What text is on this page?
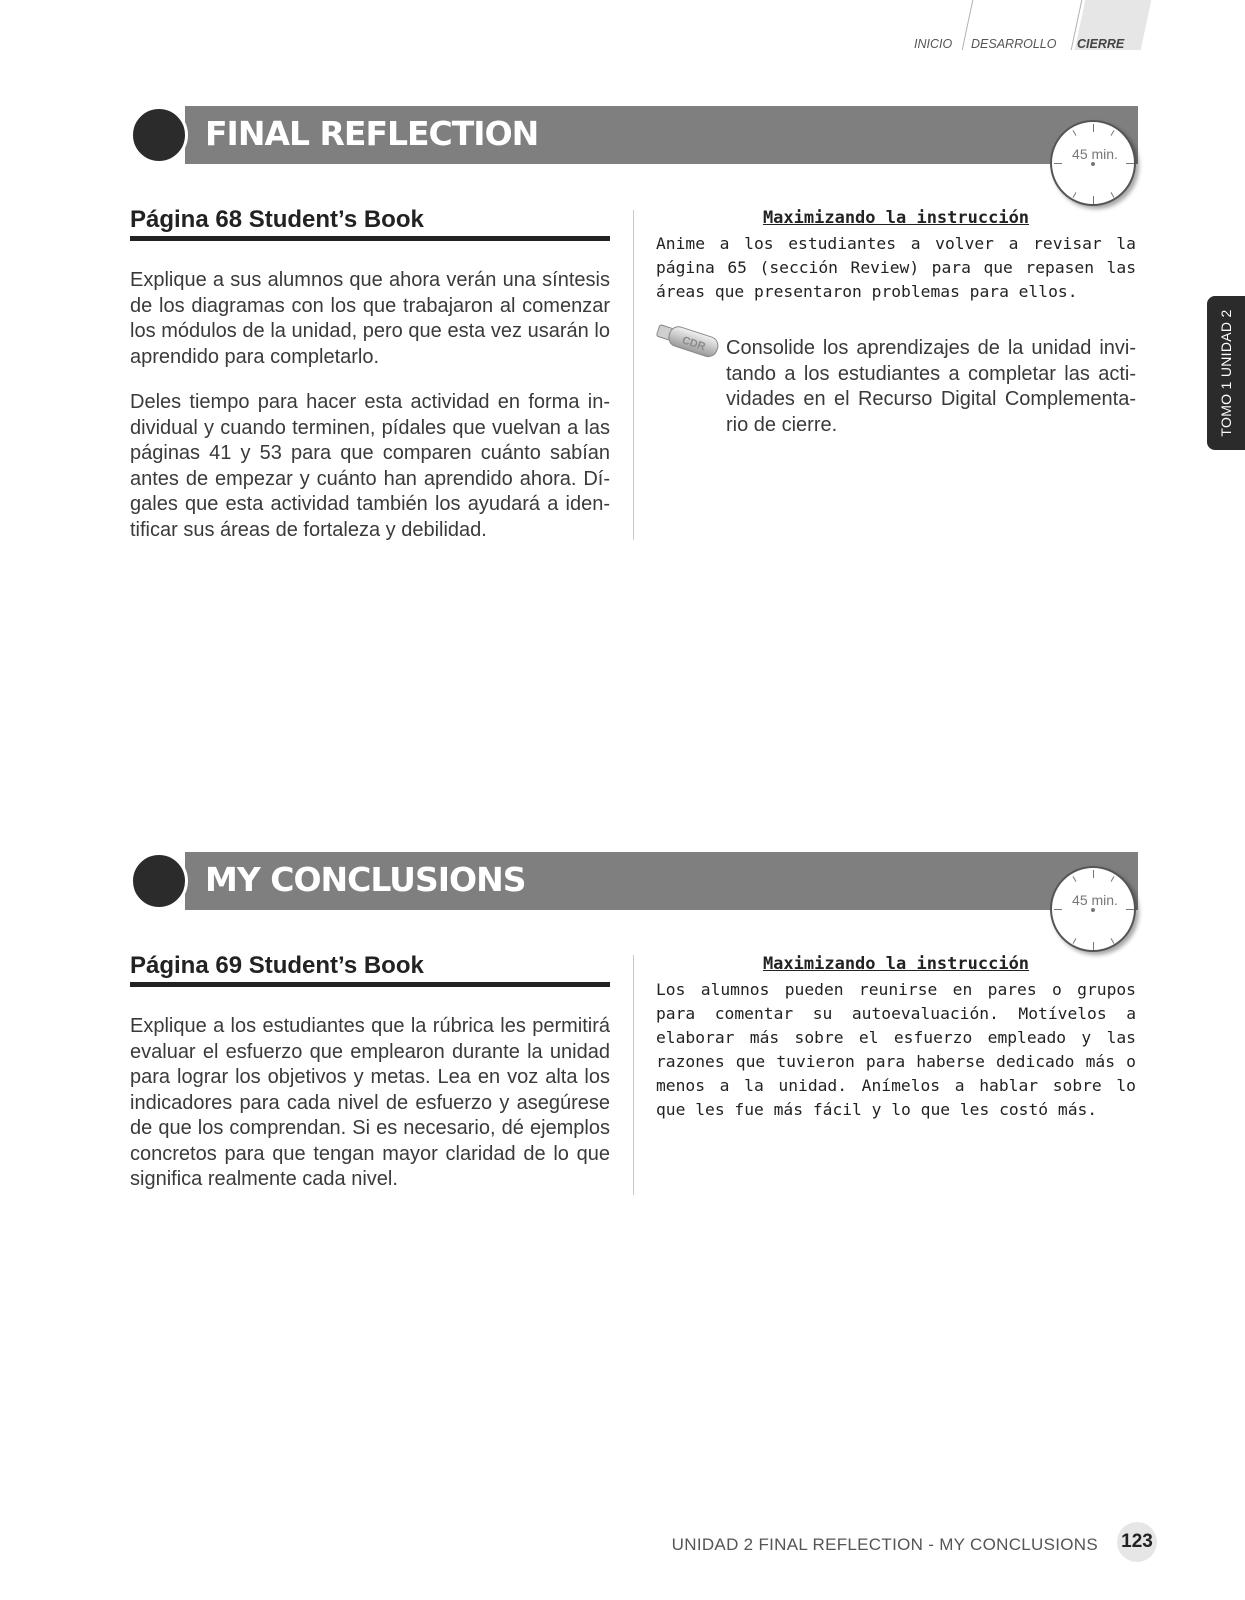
INICIO DESARROLLO CIERRE
TOMO 1 UNIDAD 2
FINAL REFLECTION
45 min.
Página 68 Student’s Book
Explique a sus alumnos que ahora verán una síntesis de los diagramas con los que trabajaron al comenzar los módulos de la unidad, pero que esta vez usarán lo aprendido para completarlo.
Deles tiempo para hacer esta actividad en forma individual y cuando terminen, pídales que vuelvan a las páginas 41 y 53 para que comparen cuánto sabían antes de empezar y cuánto han aprendido ahora. Dígales que esta actividad también los ayudará a identificar sus áreas de fortaleza y debilidad.
Maximizando la instrucción
Anime a los estudiantes a volver a revisar la página 65 (sección Review) para que repasen las áreas que presentaron problemas para ellos.
CDR Consolide los aprendizajes de la unidad invitando a los estudiantes a completar las actividades en el Recurso Digital Complementario de cierre.
MY CONCLUSIONS
45 min.
Página 69 Student’s Book
Explique a los estudiantes que la rúbrica les permitirá evaluar el esfuerzo que emplearon durante la unidad para lograr los objetivos y metas. Lea en voz alta los indicadores para cada nivel de esfuerzo y asegúrese de que los comprendan. Si es necesario, dé ejemplos concretos para que tengan mayor claridad de lo que significa realmente cada nivel.
Maximizando la instrucción
Los alumnos pueden reunirse en pares o grupos para comentar su autoevaluación. Motívelos a elaborar más sobre el esfuerzo empleado y las razones que tuvieron para haberse dedicado más o menos a la unidad. Anímelos a hablar sobre lo que les fue más fácil y lo que les costó más.
UNIDAD 2 FINAL REFLECTION - MY CONCLUSIONS 123
